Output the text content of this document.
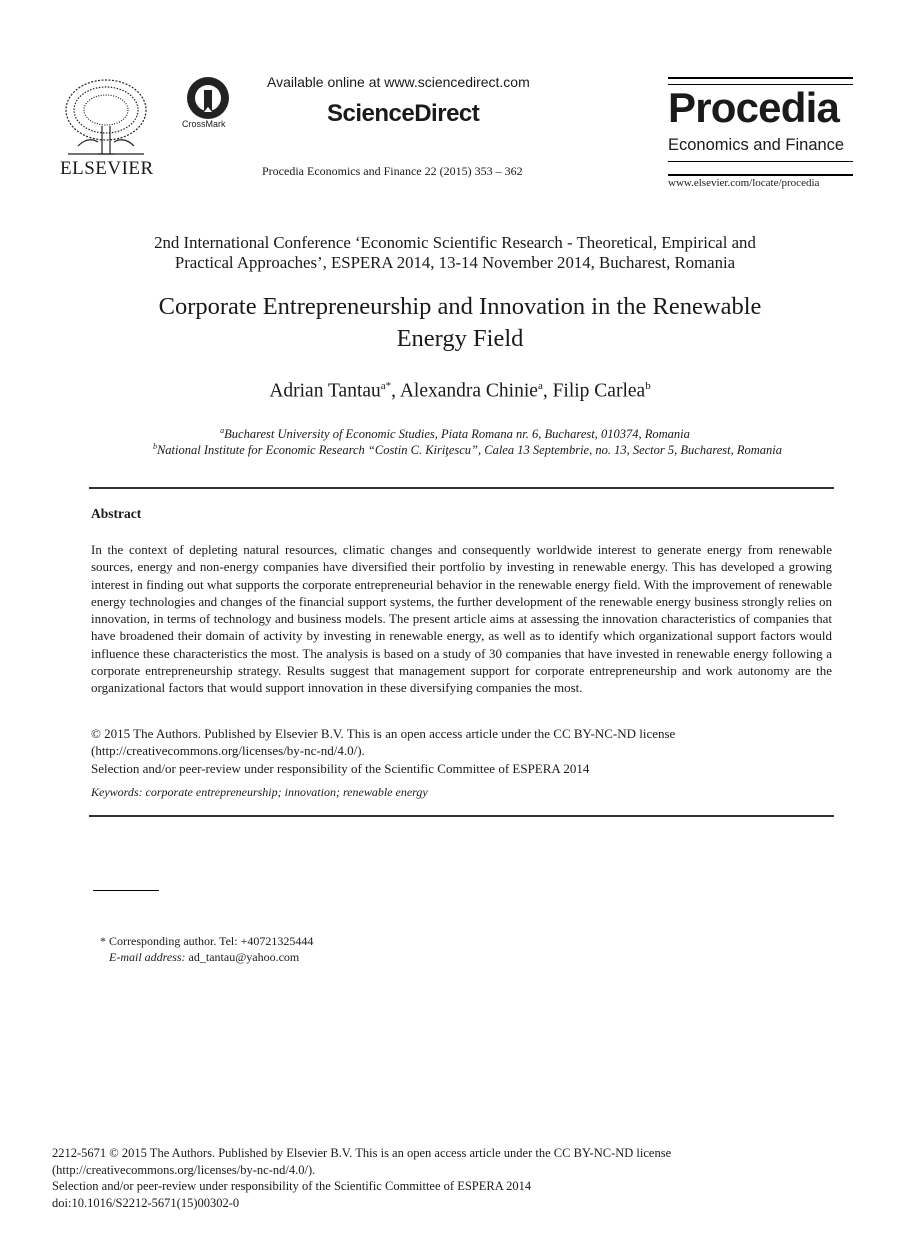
ELSEVIER
CrossMark
Available online at www.sciencedirect.com
ScienceDirect
Procedia Economics and Finance 22 (2015) 353 – 362
Procedia
Economics and Finance
www.elsevier.com/locate/procedia
2nd International Conference ‘Economic Scientific Research - Theoretical, Empirical and
Practical Approaches’, ESPERA 2014, 13-14 November 2014, Bucharest, Romania
Corporate Entrepreneurship and Innovation in the Renewable
Energy Field
Adrian Tantau$^{a*}$, Alexandra Chinie$^a$, Filip Carlea$^b$
$^a$Bucharest University of Economic Studies, Piata Romana nr. 6, Bucharest, 010374, Romania
$^b$National Institute for Economic Research “Costin C. Kiriţescu”, Calea 13 Septembrie, no. 13, Sector 5, Bucharest, Romania
Abstract
In the context of depleting natural resources, climatic changes and consequently worldwide interest to generate energy from renewable sources, energy and non-energy companies have diversified their portfolio by investing in renewable energy. This has developed a growing interest in finding out what supports the corporate entrepreneurial behavior in the renewable energy field. With the improvement of renewable energy technologies and changes of the financial support systems, the further development of the renewable energy business strongly relies on innovation, in terms of technology and business models. The present article aims at assessing the innovation characteristics of companies that have broadened their domain of activity by investing in renewable energy, as well as to identify which organizational support factors would influence these characteristics the most. The analysis is based on a study of 30 companies that have invested in renewable energy following a corporate entrepreneurship strategy. Results suggest that management support for corporate entrepreneurship and work autonomy are the organizational factors that would support innovation in these diversifying companies the most.
© 2015 The Authors. Published by Elsevier B.V. This is an open access article under the CC BY-NC-ND license
(http://creativecommons.org/licenses/by-nc-nd/4.0/).
Selection and/or peer-review under responsibility of the Scientific Committee of ESPERA 2014
Keywords: corporate entrepreneurship; innovation; renewable energy
* Corresponding author. Tel: +40721325444
E-mail address: ad_tantau@yahoo.com
2212-5671 © 2015 The Authors. Published by Elsevier B.V. This is an open access article under the CC BY-NC-ND license
(http://creativecommons.org/licenses/by-nc-nd/4.0/).
Selection and/or peer-review under responsibility of the Scientific Committee of ESPERA 2014
doi:10.1016/S2212-5671(15)00302-0
